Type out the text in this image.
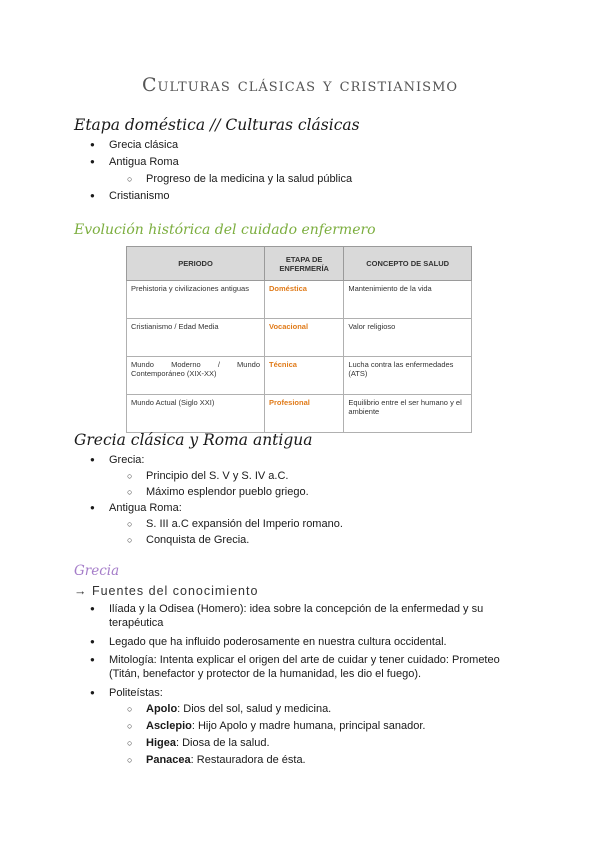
Culturas clásicas y cristianismo
Etapa doméstica // Culturas clásicas
● Grecia clásica
● Antigua Roma
○ Progreso de la medicina y la salud pública
● Cristianismo
Evolución histórica del cuidado enfermero
PERIODO	ETAPA DE ENFERMERÍA	CONCEPTO DE SALUD
Prehistoria y civilizaciones antiguas	Doméstica	Mantenimiento de la vida
Cristianismo / Edad Media	Vocacional	Valor religioso
Mundo Moderno / Mundo Contemporáneo (XIX-XX)	Técnica	Lucha contra las enfermedades (ATS)
Mundo Actual (Siglo XXI)	Profesional	Equilibrio entre el ser humano y el ambiente
Grecia clásica y Roma antigua
● Grecia:
○ Principio del S. V y S. IV a.C.
○ Máximo esplendor pueblo griego.
● Antigua Roma:
○ S. III a.C expansión del Imperio romano.
○ Conquista de Grecia.
Grecia
→ Fuentes del conocimiento
● Ilíada y la Odisea (Homero): idea sobre la concepción de la enfermedad y su terapéutica
● Legado que ha influido poderosamente en nuestra cultura occidental.
● Mitología: Intenta explicar el origen del arte de cuidar y tener cuidado: Prometeo (Titán, benefactor y protector de la humanidad, les dio el fuego).
● Politeístas:
○ Apolo: Dios del sol, salud y medicina.
○ Asclepio: Hijo Apolo y madre humana, principal sanador.
○ Higea: Diosa de la salud.
○ Panacea: Restauradora de ésta.
